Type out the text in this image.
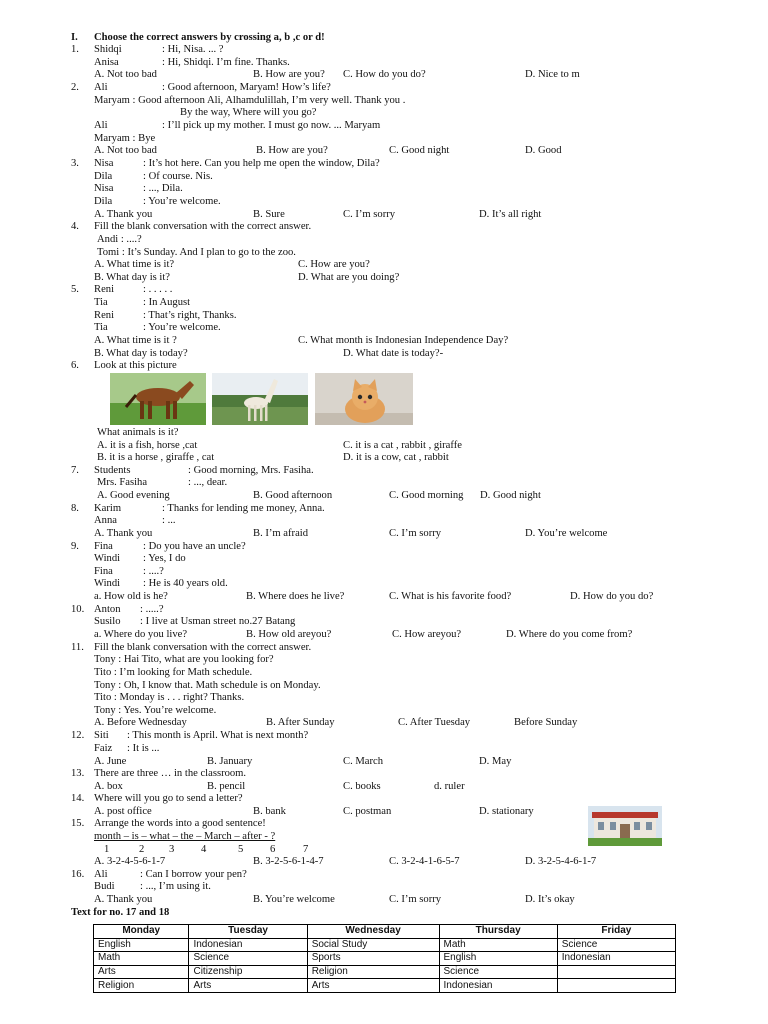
I. Choose the correct answers by crossing a, b ,c or d!
1. Shidqi	: Hi, Nisa. ... ?
Anisa	: Hi, Shidqi. I’m fine. Thanks.
A. Not too bad	B. How are you? C. How do you do?	D. Nice to m
2. Ali	: Good afternoon, Maryam! How’s life?
Maryam : Good afternoon Ali, Alhamdulillah, I’m very well. Thank you .
By the way, Where will you go?
Ali	: I’ll pick up my mother. I must go now. ... Maryam
Maryam : Bye
A. Not too bad	B. How are you?	C. Good night	D. Good
3. Nisa	: It’s hot here. Can you help me open the window, Dila?
Dila	: Of course. Nis.
Nisa	: ..., Dila.
Dila	: You’re welcome.
A. Thank you	B. Sure	C. I’m sorry	D. It’s all right
4. Fill the blank conversation with the correct answer.
Andi : ....?
Tomi : It’s Sunday. And I plan to go to the zoo.
A. What time is it?	C. How are you?
B. What day is it?	D. What are you doing?
5. Reni	: . . . . .
Tia	: In August
Reni	: That’s right, Thanks.
Tia	: You’re welcome.
A. What time is it ?	C. What month is Indonesian Independence Day?
B. What day is today?	D. What date is today?-
6. Look at this picture
What animals is it?
A. it is a fish, horse ,cat	C. it is a cat , rabbit , giraffe
B. it is a horse , giraffe , cat	D. it is a cow, cat , rabbit
7. Students	: Good morning, Mrs. Fasiha.
Mrs. Fasiha	: ..., dear.
A. Good evening	B. Good afternoon	C. Good morning D. Good night
8. Karim	: Thanks for lending me money, Anna.
Anna	: ...
A. Thank you	B. I’m afraid	C. I’m sorry	D. You’re welcome
9. Fina	: Do you have an uncle?
Windi : Yes, I do
Fina	: ....?
Windi : He is 40 years old.
a. How old is he?	B. Where does he live?	C. What is his favorite food?	D. How do you do?
10. Anton : .....?
Susilo : I live at Usman street no.27 Batang
a. Where do you live?	B. How old areyou?	C. How areyou?	D. Where do you come from?
11. Fill the blank conversation with the correct answer.
Tony : Hai Tito, what are you looking for?
Tito : I’m looking for Math schedule.
Tony : Oh, I know that. Math schedule is on Monday.
Tito : Monday is . . . right? Thanks.
Tony : Yes. You’re welcome.
A. Before Wednesday	B. After Sunday	C. After Tuesday	Before Sunday
12. Siti : This month is April. What is next month?
Faiz : It is ...
A. June	B. January	C. March	D. May
13. There are three … in the classroom.
A. box	B. pencil	C. books	d. ruler
14. Where will you go to send a letter?
A. post office	B. bank	C. postman	D. stationary
15. Arrange the words into a good sentence!
month – is – what – the – March – after - ?
1	2 3	4	5	6	7
A. 3-2-4-5-6-1-7	B. 3-2-5-6-1-4-7	C. 3-2-4-1-6-5-7	D. 3-2-5-4-6-1-7
16. Ali	: Can I borrow your pen?
Budi : ..., I’m using it.
A. Thank you	B. You’re welcome	C. I’m sorry	D. It’s okay
Text for no. 17 and 18
Monday	Tuesday	Wednesday	Thursday	Friday
English	Indonesian	Social Study	Math	Science
Math	Science	Sports	English	Indonesian
Arts	Citizenship	Religion	Science	
Religion	Arts	Arts	Indonesian	
